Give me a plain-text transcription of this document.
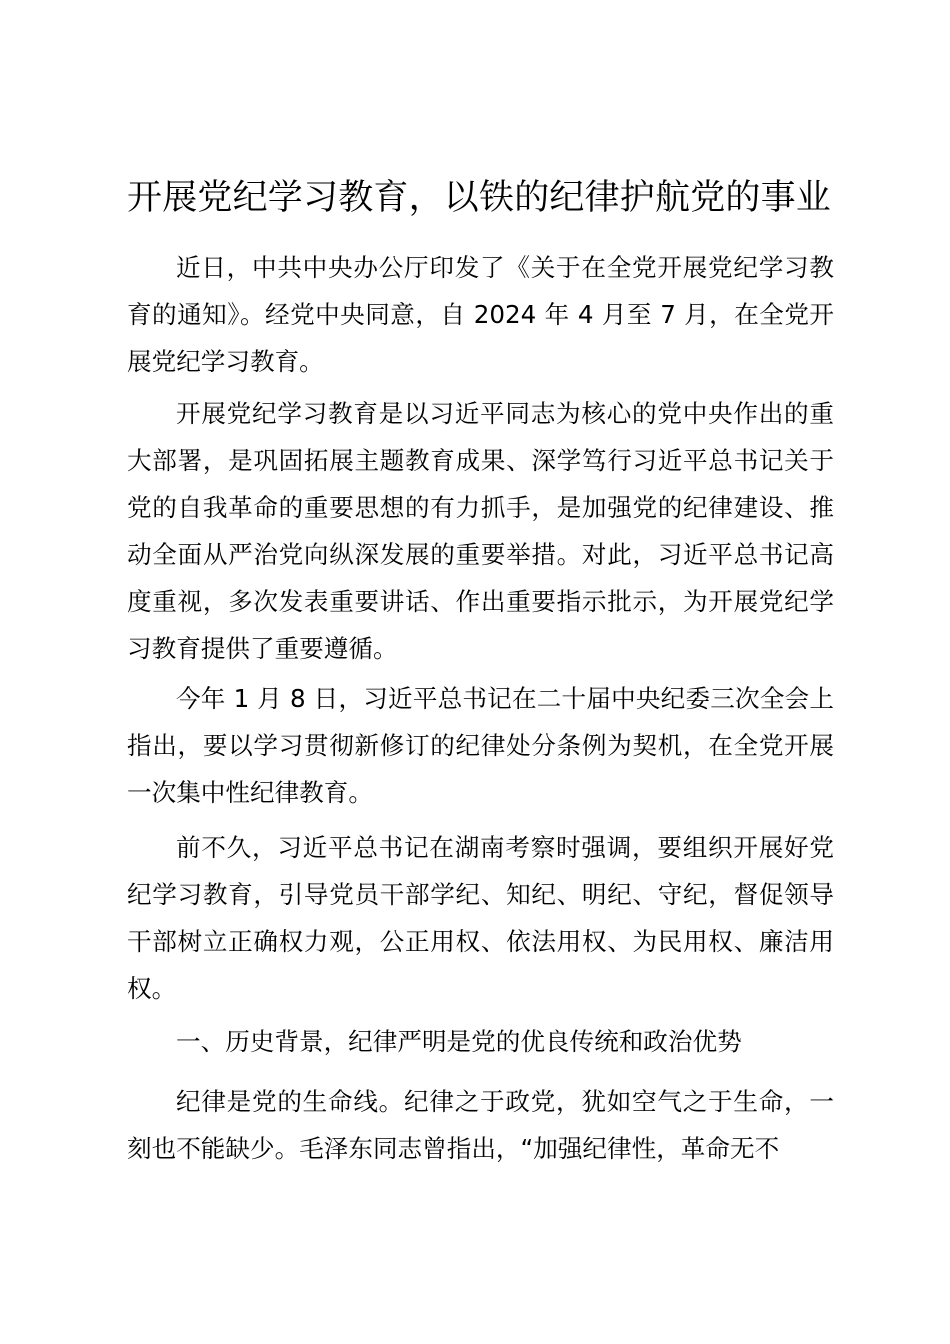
开展党纪学习教育，以铁的纪律护航党的事业
近日，中共中央办公厅印发了《关于在全党开展党纪学习教育的通知》。经党中央同意，自 2024 年 4 月至 7 月，在全党开展党纪学习教育。
开展党纪学习教育是以习近平同志为核心的党中央作出的重大部署，是巩固拓展主题教育成果、深学笃行习近平总书记关于党的自我革命的重要思想的有力抓手，是加强党的纪律建设、推动全面从严治党向纵深发展的重要举措。对此，习近平总书记高度重视，多次发表重要讲话、作出重要指示批示，为开展党纪学习教育提供了重要遵循。
今年 1 月 8 日，习近平总书记在二十届中央纪委三次全会上指出，要以学习贯彻新修订的纪律处分条例为契机，在全党开展一次集中性纪律教育。
前不久，习近平总书记在湖南考察时强调，要组织开展好党纪学习教育，引导党员干部学纪、知纪、明纪、守纪，督促领导干部树立正确权力观，公正用权、依法用权、为民用权、廉洁用权。
一、历史背景，纪律严明是党的优良传统和政治优势
纪律是党的生命线。纪律之于政党，犹如空气之于生命，一刻也不能缺少。毛泽东同志曾指出，“加强纪律性，革命无不
